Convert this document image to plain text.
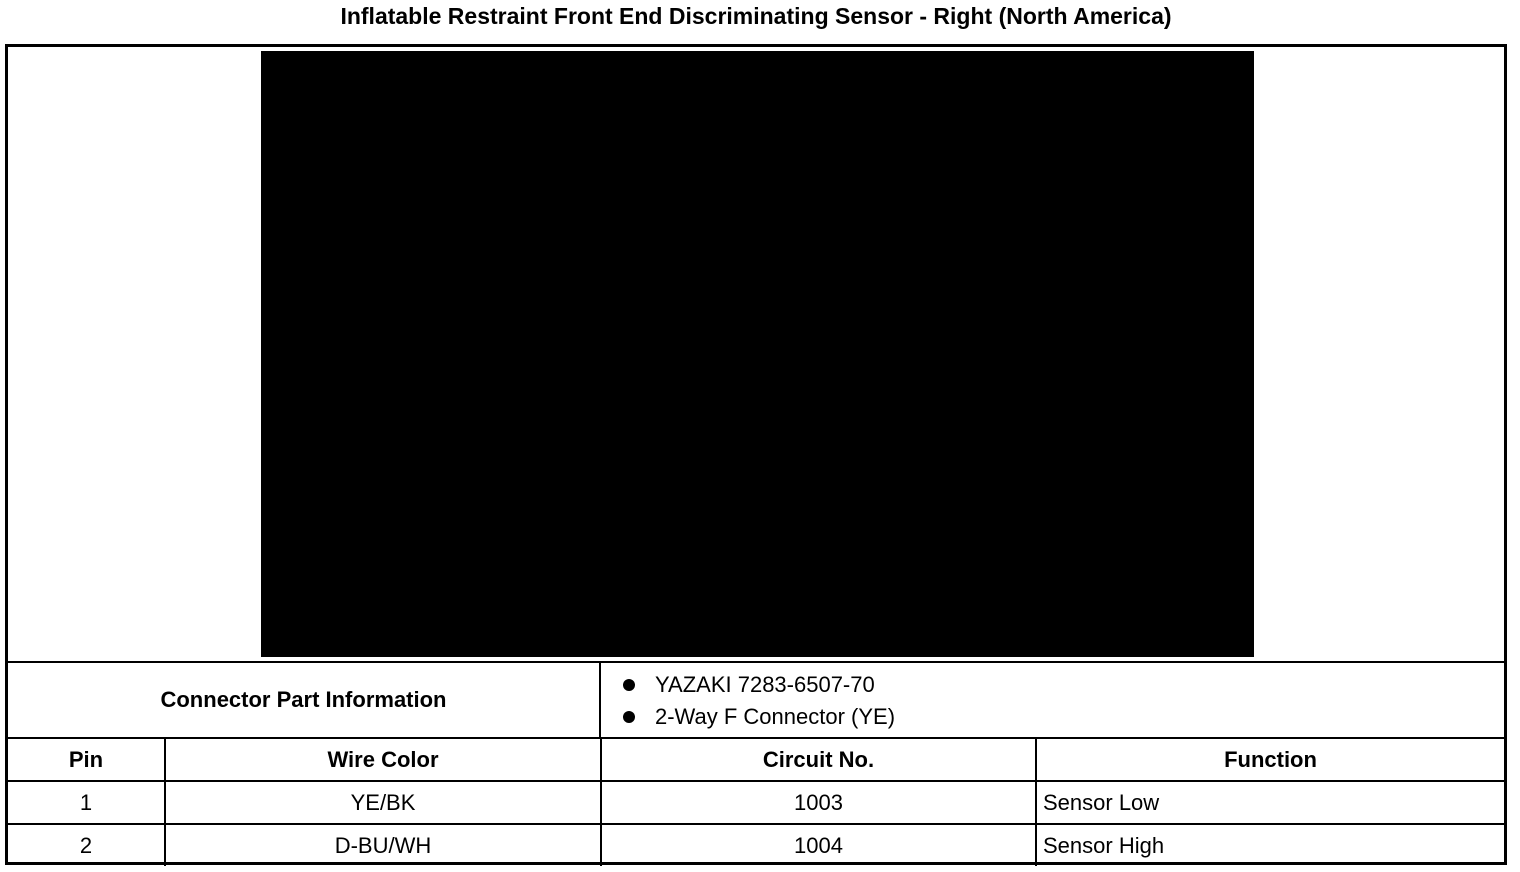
Inflatable Restraint Front End Discriminating Sensor - Right (North America)
Connector Part Information
YAZAKI 7283-6507-70
2-Way F Connector (YE)
Pin	Wire Color	Circuit No.	Function
1	YE/BK	1003	Sensor Low
2	D-BU/WH	1004	Sensor High
